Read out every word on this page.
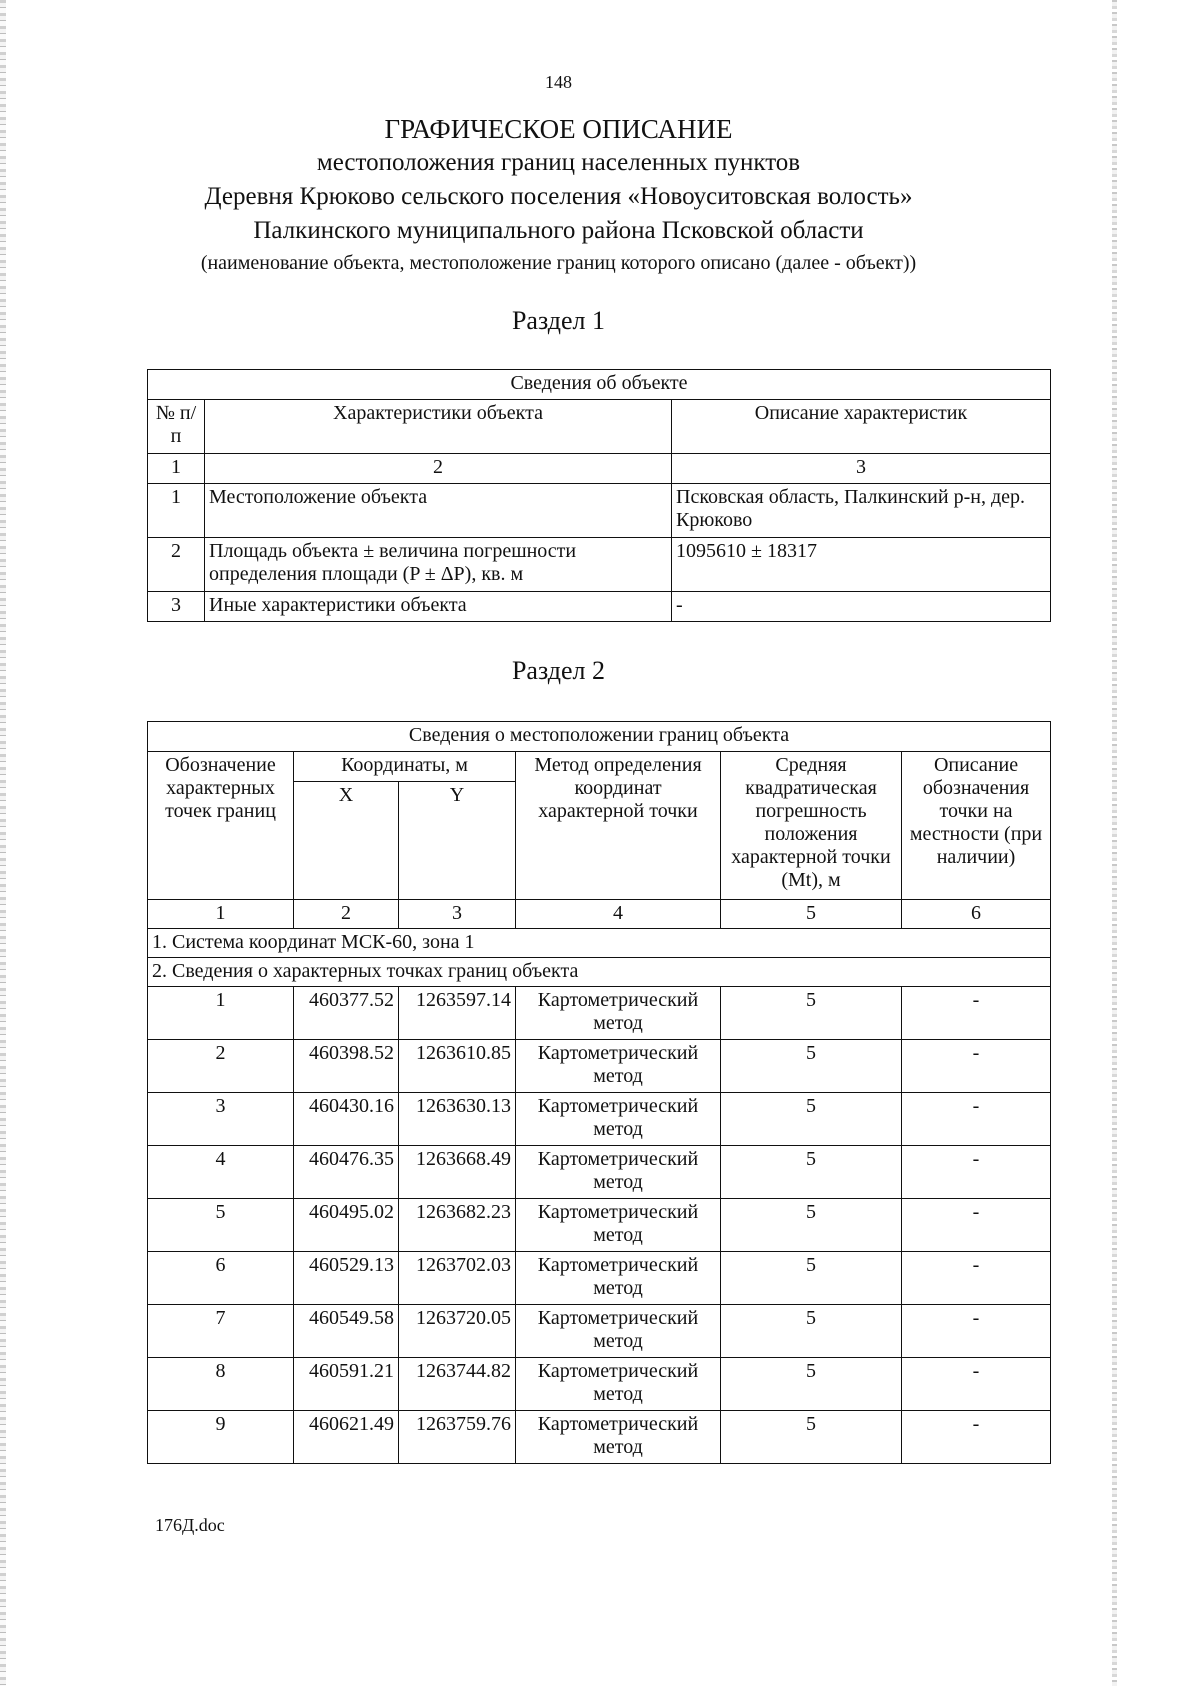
148
ГРАФИЧЕСКОЕ ОПИСАНИЕ
местоположения границ населенных пунктов
Деревня Крюково сельского поселения «Новоуситовская волость»
Палкинского муниципального района Псковской области
(наименование объекта, местоположение границ которого описано (далее - объект))
Раздел 1
Сведения об объекте		
№ п/п	Характеристики объекта	Описание характеристик
1	2	3
1	Местоположение объекта	Псковская область, Палкинский р-н, дер. Крюково
2	Площадь объекта ± величина погрешности определения площади (P ± ΔP), кв. м	1095610 ± 18317
3	Иные характеристики объекта	-
Раздел 2
Сведения о местоположении границ объекта					
Обозначение характерных точек границ	Координаты, м		Метод определения координат характерной точки	Средняя квадратическая погрешность положения характерной точки (Mt), м	Описание обозначения точки на местности (при наличии)
	X	Y			
1	2	3	4	5	6
1. Система координат МСК-60, зона 1					
2. Сведения о характерных точках границ объекта					
1	460377.52	1263597.14	Картометрический метод	5	-
2	460398.52	1263610.85	Картометрический метод	5	-
3	460430.16	1263630.13	Картометрический метод	5	-
4	460476.35	1263668.49	Картометрический метод	5	-
5	460495.02	1263682.23	Картометрический метод	5	-
6	460529.13	1263702.03	Картометрический метод	5	-
7	460549.58	1263720.05	Картометрический метод	5	-
8	460591.21	1263744.82	Картометрический метод	5	-
9	460621.49	1263759.76	Картометрический метод	5	-
176Д.doc
